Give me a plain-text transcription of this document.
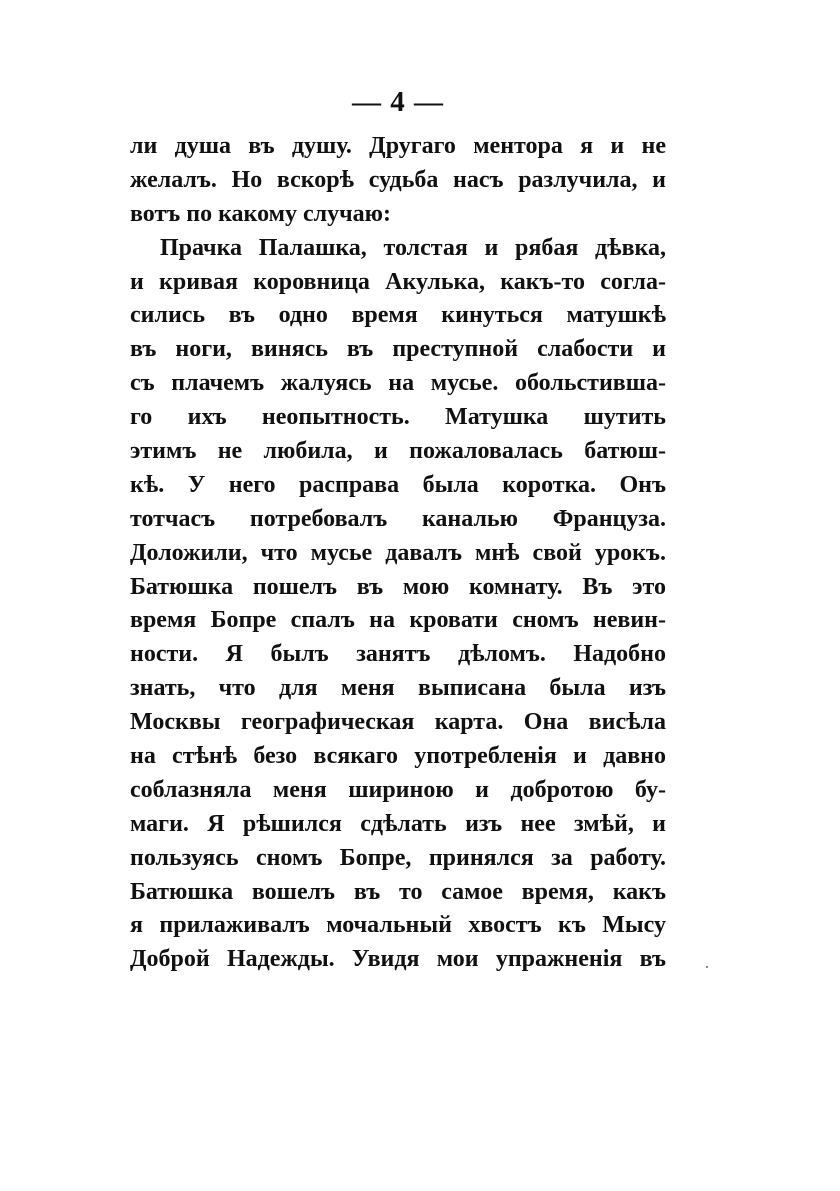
— 4 —
ли душа въ душу. Другаго ментора я и не
желалъ. Но вскорѣ судьба насъ разлучила, и
вотъ по какому случаю:
Прачка Палашка, толстая и рябая дѣвка,
и кривая коровница Акулька, какъ-то согла-
сились въ одно время кинуться матушкѣ
въ ноги, винясь въ преступной слабости и
съ плачемъ жалуясь на мусье. обольстивша-
го ихъ неопытность. Матушка шутить
этимъ не любила, и пожаловалась батюш-
кѣ. У него расправа была коротка. Онъ
тотчасъ потребовалъ каналью Француза.
Доложили, что мусье давалъ мнѣ свой урокъ.
Батюшка пошелъ въ мою комнату. Въ это
время Бопре спалъ на кровати сномъ невин-
ности. Я былъ занятъ дѣломъ. Надобно
знать, что для меня выписана была изъ
Москвы географическая карта. Она висѣла
на стѣнѣ безо всякаго употребленія и давно
соблазняла меня шириною и добротою бу-
маги. Я рѣшился сдѣлать изъ нее змѣй, и
пользуясь сномъ Бопре, принялся за работу.
Батюшка вошелъ въ то самое время, какъ
я прилаживалъ мочальный хвостъ къ Мысу
Доброй Надежды. Увидя мои упражненія въ
